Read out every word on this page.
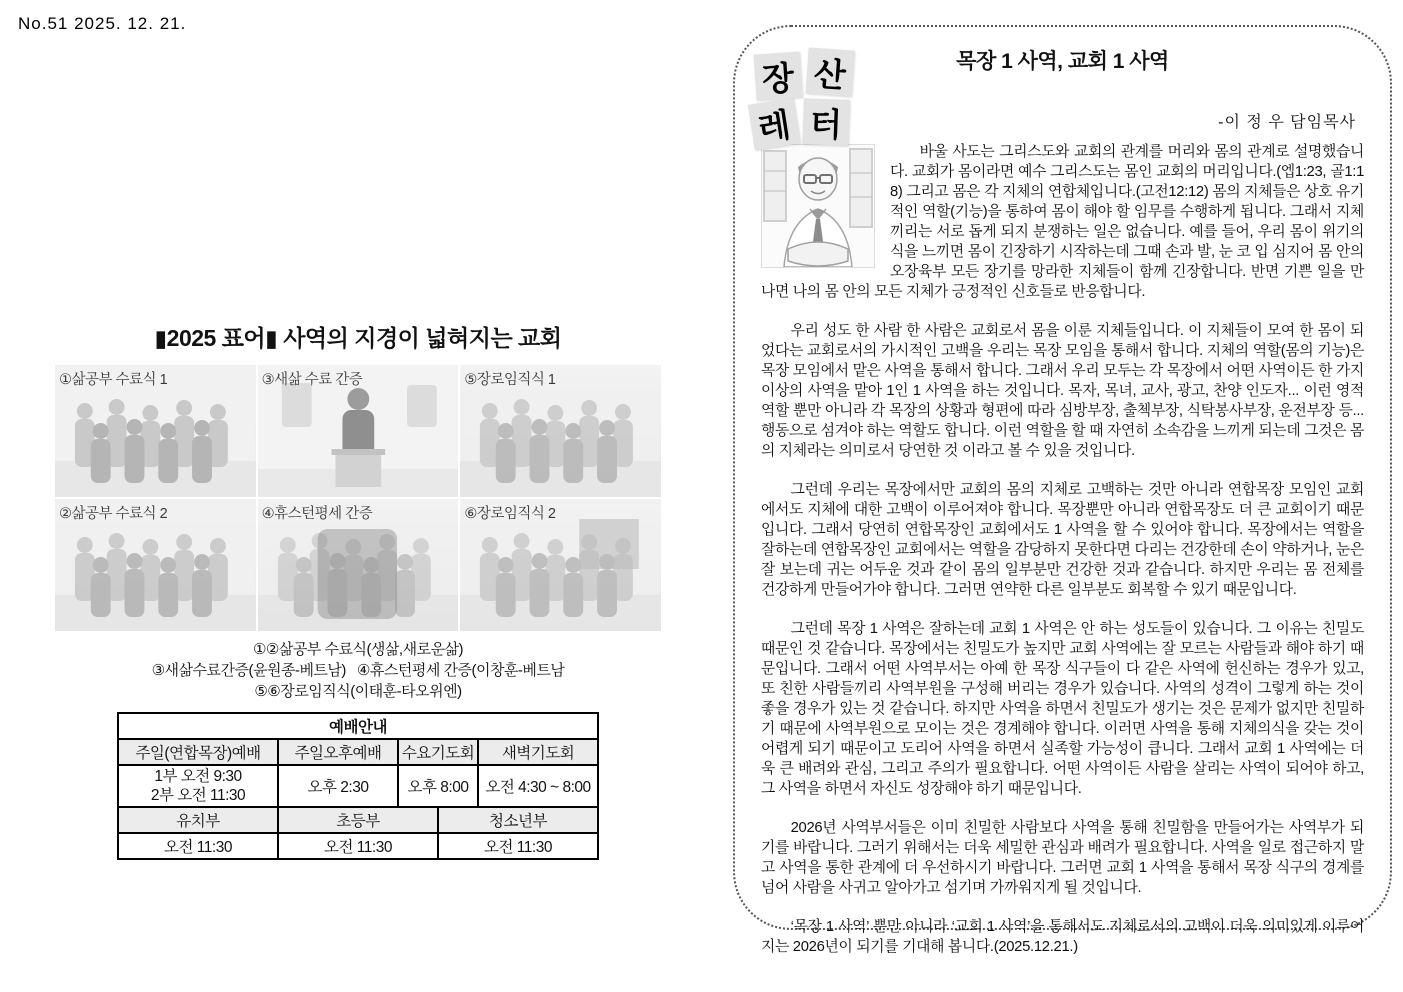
No.51 2025. 12. 21.
▮2025 표어▮ 사역의 지경이 넓혀지는 교회
①삶공부 수료식 1	③새삶 수료 간증	⑤장로임직식 1
②삶공부 수료식 2	④휴스턴평세 간증	⑥장로임직식 2
①②삶공부 수료식(생삶,새로운삶)
③새삶수료간증(윤원종-베트남)   ④휴스턴평세 간증(이창훈-베트남
⑤⑥장로임직식(이태훈-타오위엔)
예배안내				
주일(연합목장)예배	주일오후예배	수요기도회		새벽기도회

1부 오전 9:30
2부 오전 11:30	오후 2:30	오후 8:00		오전 4:30 ~ 8:00
유치부	초등부		청소년부	
오전 11:30	오전 11:30		오전 11:30	
장 산
레 터
목장 1 사역, 교회 1 사역
-이 정 우 담임목사

바울 사도는 그리스도와 교회의 관계를 머리와 몸의 관계로 설명했습니다. 교회가 몸이라면 예수 그리스도는 몸인 교회의 머리입니다.(엡1:23, 골1:18) 그리고 몸은 각 지체의 연합체입니다.(고전12:12) 몸의 지체들은 상호 유기적인 역할(기능)을 통하여 몸이 해야 할 임무를 수행하게 됩니다. 그래서 지체끼리는 서로 돕게 되지 분쟁하는 일은 없습니다. 예를 들어, 우리 몸이 위기의식을 느끼면 몸이 긴장하기 시작하는데 그때 손과 발, 눈 코 입 심지어 몸 안의 오장육부 모든 장기를 망라한 지체들이 함께 긴장합니다. 반면 기쁜 일을 만나면 나의 몸 안의 모든 지체가 긍정적인 신호들로 반응합니다.

우리 성도 한 사람 한 사람은 교회로서 몸을 이룬 지체들입니다. 이 지체들이 모여 한 몸이 되었다는 교회로서의 가시적인 고백을 우리는 목장 모임을 통해서 합니다. 지체의 역할(몸의 기능)은 목장 모임에서 맡은 사역을 통해서 합니다. 그래서 우리 모두는 각 목장에서 어떤 사역이든 한 가지 이상의 사역을 맡아 1인 1 사역을 하는 것입니다. 목자, 목녀, 교사, 광고, 찬양 인도자... 이런 영적 역할 뿐만 아니라 각 목장의 상황과 형편에 따라 심방부장, 출첵부장, 식탁봉사부장, 운전부장 등... 행동으로 섬겨야 하는 역할도 합니다. 이런 역할을 할 때 자연히 소속감을 느끼게 되는데 그것은 몸의 지체라는 의미로서 당연한 것 이라고 볼 수 있을 것입니다.

그런데 우리는 목장에서만 교회의 몸의 지체로 고백하는 것만 아니라 연합목장 모임인 교회에서도 지체에 대한 고백이 이루어져야 합니다. 목장뿐만 아니라 연합목장도 더 큰 교회이기 때문입니다. 그래서 당연히 연합목장인 교회에서도 1 사역을 할 수 있어야 합니다. 목장에서는 역할을 잘하는데 연합목장인 교회에서는 역할을 감당하지 못한다면 다리는 건강한데 손이 약하거나, 눈은 잘 보는데 귀는 어두운 것과 같이 몸의 일부분만 건강한 것과 같습니다. 하지만 우리는 몸 전체를 건강하게 만들어가야 합니다. 그러면 연약한 다른 일부분도 회복할 수 있기 때문입니다.

그런데 목장 1 사역은 잘하는데 교회 1 사역은 안 하는 성도들이 있습니다. 그 이유는 친밀도 때문인 것 같습니다. 목장에서는 친밀도가 높지만 교회 사역에는 잘 모르는 사람들과 해야 하기 때문입니다. 그래서 어떤 사역부서는 아예 한 목장 식구들이 다 같은 사역에 헌신하는 경우가 있고, 또 친한 사람들끼리 사역부원을 구성해 버리는 경우가 있습니다. 사역의 성격이 그렇게 하는 것이 좋을 경우가 있는 것 같습니다. 하지만 사역을 하면서 친밀도가 생기는 것은 문제가 없지만 친밀하기 때문에 사역부원으로 모이는 것은 경계해야 합니다. 이러면 사역을 통해 지체의식을 갖는 것이 어렵게 되기 때문이고 도리어 사역을 하면서 실족할 가능성이 큽니다. 그래서 교회 1 사역에는 더욱 큰 배려와 관심, 그리고 주의가 필요합니다. 어떤 사역이든 사람을 살리는 사역이 되어야 하고, 그 사역을 하면서 자신도 성장해야 하기 때문입니다.

2026년 사역부서들은 이미 친밀한 사람보다 사역을 통해 친밀함을 만들어가는 사역부가 되기를 바랍니다. 그러기 위해서는 더욱 세밀한 관심과 배려가 필요합니다. 사역을 일로 접근하지 말고 사역을 통한 관계에 더 우선하시기 바랍니다. 그러면 교회 1 사역을 통해서 목장 식구의 경계를 넘어 사람을 사귀고 알아가고 섬기며 가까워지게 될 것입니다.

‘목장 1 사역’ 뿐만 아니라 ‘교회 1 사역’을 통해서도 지체로서의 고백이 더욱 의미있게 이루어지는 2026년이 되기를 기대해 봅니다.(2025.12.21.)
